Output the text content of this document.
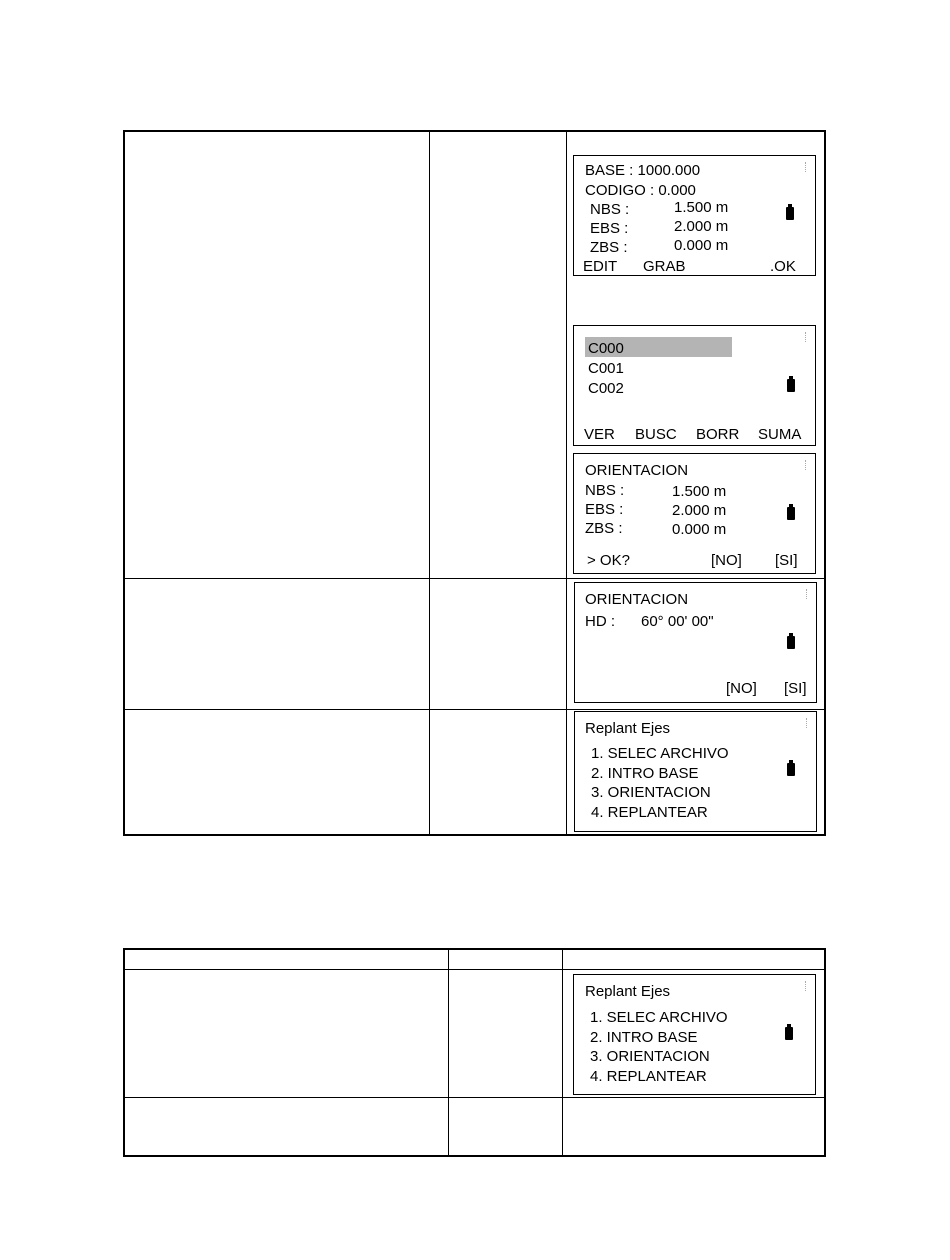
BASE : 1000.000
CODIGO : 0.000
NBS :	1.500 m
EBS :	2.000 m
ZBS :	0.000 m
EDIT GRAB	.OK
C000
C001
C002
VER BUSC BORR SUMA
ORIENTACION
NBS :	1.500 m
EBS :	2.000 m
ZBS :	0.000 m
> OK?	[NO] [SI]
ORIENTACION
HD : 60° 00' 00"
[NO] [SI]
Replant Ejes
1. SELEC ARCHIVO
2. INTRO BASE
3. ORIENTACION
4. REPLANTEAR
Replant Ejes
1. SELEC ARCHIVO
2. INTRO BASE
3. ORIENTACION
4. REPLANTEAR
